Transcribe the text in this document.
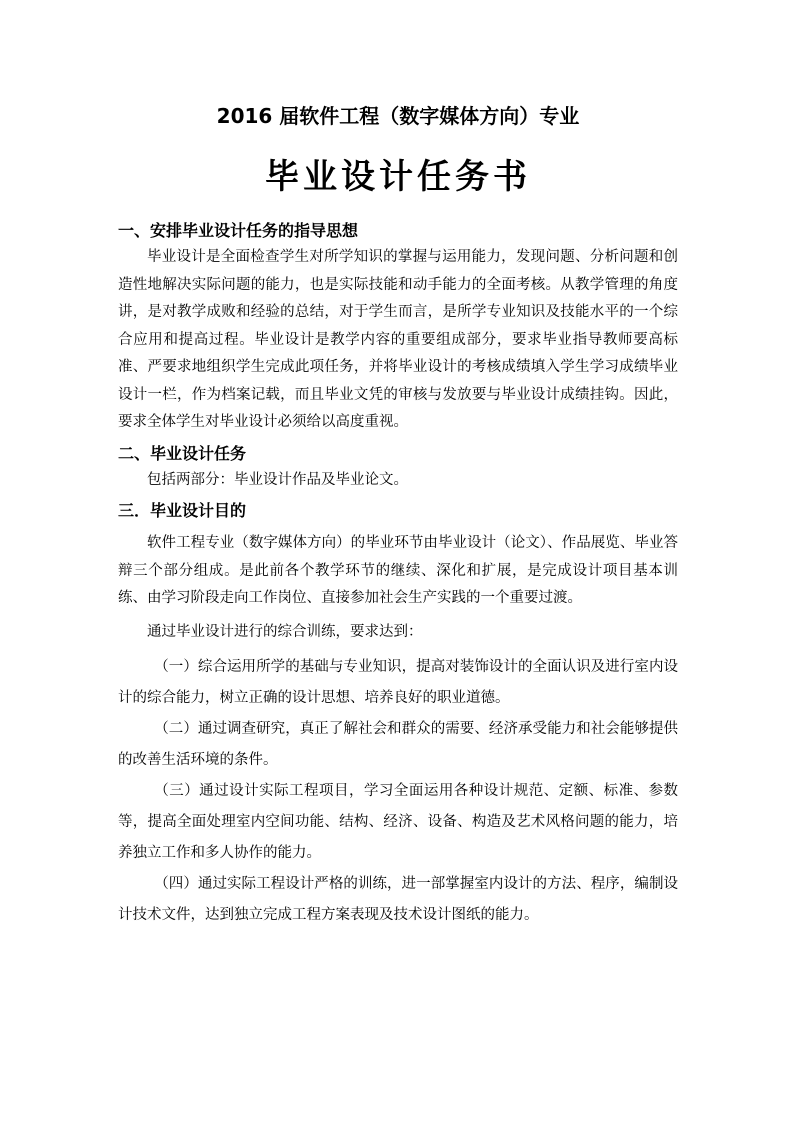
2016 届软件工程（数字媒体方向）专业
毕业设计任务书
一、安排毕业设计任务的指导思想

毕业设计是全面检查学生对所学知识的掌握与运用能力，发现问题、分析问题和创造性地解决实际问题的能力，也是实际技能和动手能力的全面考核。从教学管理的角度讲，是对教学成败和经验的总结，对于学生而言，是所学专业知识及技能水平的一个综合应用和提高过程。毕业设计是教学内容的重要组成部分，要求毕业指导教师要高标准、严要求地组织学生完成此项任务，并将毕业设计的考核成绩填入学生学习成绩毕业设计一栏，作为档案记载，而且毕业文凭的审核与发放要与毕业设计成绩挂钩。因此，要求全体学生对毕业设计必须给以高度重视。

二、毕业设计任务

包括两部分：毕业设计作品及毕业论文。

三．毕业设计目的

软件工程专业（数字媒体方向）的毕业环节由毕业设计（论文）、作品展览、毕业答辩三个部分组成。是此前各个教学环节的继续、深化和扩展，是完成设计项目基本训练、由学习阶段走向工作岗位、直接参加社会生产实践的一个重要过渡。

通过毕业设计进行的综合训练，要求达到：

（一）综合运用所学的基础与专业知识，提高对装饰设计的全面认识及进行室内设计的综合能力，树立正确的设计思想、培养良好的职业道德。

（二）通过调查研究，真正了解社会和群众的需要、经济承受能力和社会能够提供的改善生活环境的条件。

（三）通过设计实际工程项目，学习全面运用各种设计规范、定额、标准、参数等，提高全面处理室内空间功能、结构、经济、设备、构造及艺术风格问题的能力，培养独立工作和多人协作的能力。

（四）通过实际工程设计严格的训练，进一部掌握室内设计的方法、程序，编制设计技术文件，达到独立完成工程方案表现及技术设计图纸的能力。
